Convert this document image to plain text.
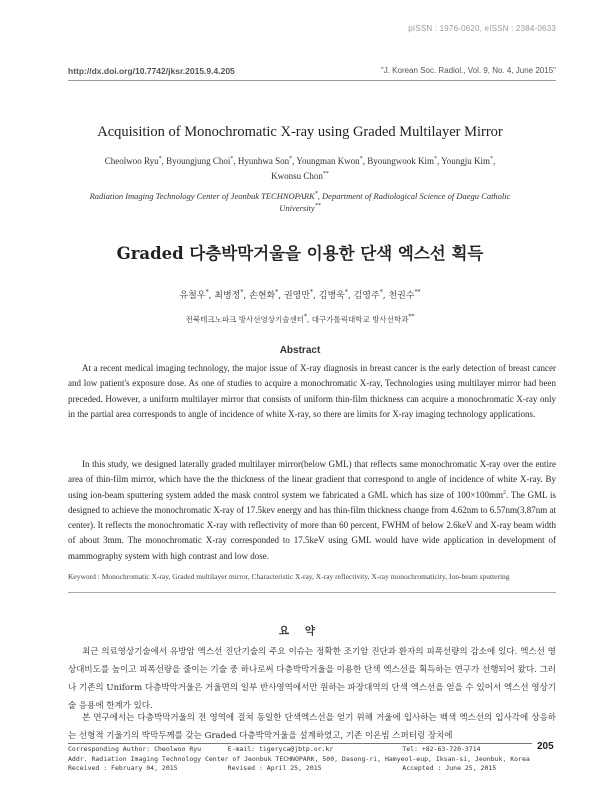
pISSN : 1976-0620, eISSN : 2384-0633
http://dx.doi.org/10.7742/jksr.2015.9.4.205	"J. Korean Soc. Radiol., Vol. 9, No. 4, June 2015"
Acquisition of Monochromatic X-ray using Graded Multilayer Mirror
Cheolwoo Ryu*, Byoungjung Choi*, Hyunhwa Son*, Youngman Kwon*, Byoungwook Kim*, Youngju Kim*,
Kwonsu Chon**
Radiation Imaging Technology Center of Jeonbuk TECHNOPARK*, Department of Radiological Science of Daegu Catholic University**
Graded 다층박막거울을 이용한 단색 엑스선 획득
유철우*, 최병정*, 손현화*, 권영만*, 김병욱*, 김영주*, 천권수**
전북테크노파크 방사선영상기술센터*, 대구가톨릭대학교 방사선학과**
Abstract

At a recent medical imaging technology, the major issue of X-ray diagnosis in breast cancer is the early detection of breast cancer and low patient's exposure dose. As one of studies to acquire a monochromatic X-ray, Technologies using multilayer mirror had been preceded. However, a uniform multilayer mirror that consists of uniform thin-film thickness can acquire a monochromatic X-ray only in the partial area corresponds to angle of incidence of white X-ray, so there are limits for X-ray imaging technology applications.

In this study, we designed laterally graded multilayer mirror(below GML) that reflects same monochromatic X-ray over the entire area of thin-film mirror, which have the the thickness of the linear gradient that correspond to angle of incidence of white X-ray. By using ion-beam sputtering system added the mask control system we fabricated a GML which has size of $100\times 100mm^2$. The GML is designed to achieve the monochromatic X-ray of 17.5kev energy and has thin-film thickness change from 4.62nm to 6.57nm(3.87nm at center). It reflects the monochromatic X-ray with reflectivity of more than 60 percent, FWHM of below 2.6keV and X-ray beam width of about 3mm. The monochromatic X-ray corresponded to 17.5keV using GML would have wide application in development of mammography system with high contrast and low dose.

Keyword : Monochromatic X-ray, Graded multilayer mirror, Characteristic X-ray, X-ray reflectivity, X-ray monochromaticity, Ion-beam sputtering
요 약

최근 의료영상기술에서 유방암 엑스선 진단기술의 주요 이슈는 정확한 조기암 진단과 환자의 피폭선량의 감소에 있다. 엑스선 영상대비도를 높이고 피폭선량을 줄이는 기술 중 하나로써 다층박막거울을 이용한 단색 엑스선을 획득하는 연구가 선행되어 왔다. 그러나 기존의 Uniform 다층박막거울은 거울면의 일부 반사영역에서만 원하는 파장대역의 단색 엑스선을 얻을 수 있어서 엑스선 영상기술 응용에 한계가 있다.

본 연구에서는 다층박막거울의 전 영역에 걸쳐 동일한 단색엑스선을 얻기 위해 거울에 입사하는 백색 엑스선의 입사각에 상응하는 선형적 기울기의 박막두께를 갖는 Graded 다층박막거울을 설계하였고, 기존 이온빔 스퍼터링 장치에

Corresponding Author: Cheolwoo Ryu	E-mail: tigeryca@jbtp.or.kr	Tel: +82-63-720-3714
Addr. Radiation Imaging Technology Center of Jeonbuk TECHNOPARK, 500, Dasong-ri, Hamyeol-eup, Iksan-si, Jeonbuk, Korea
Received : February 04, 2015	Revised : April 25, 2015	Accepted : June 25, 2015
205
